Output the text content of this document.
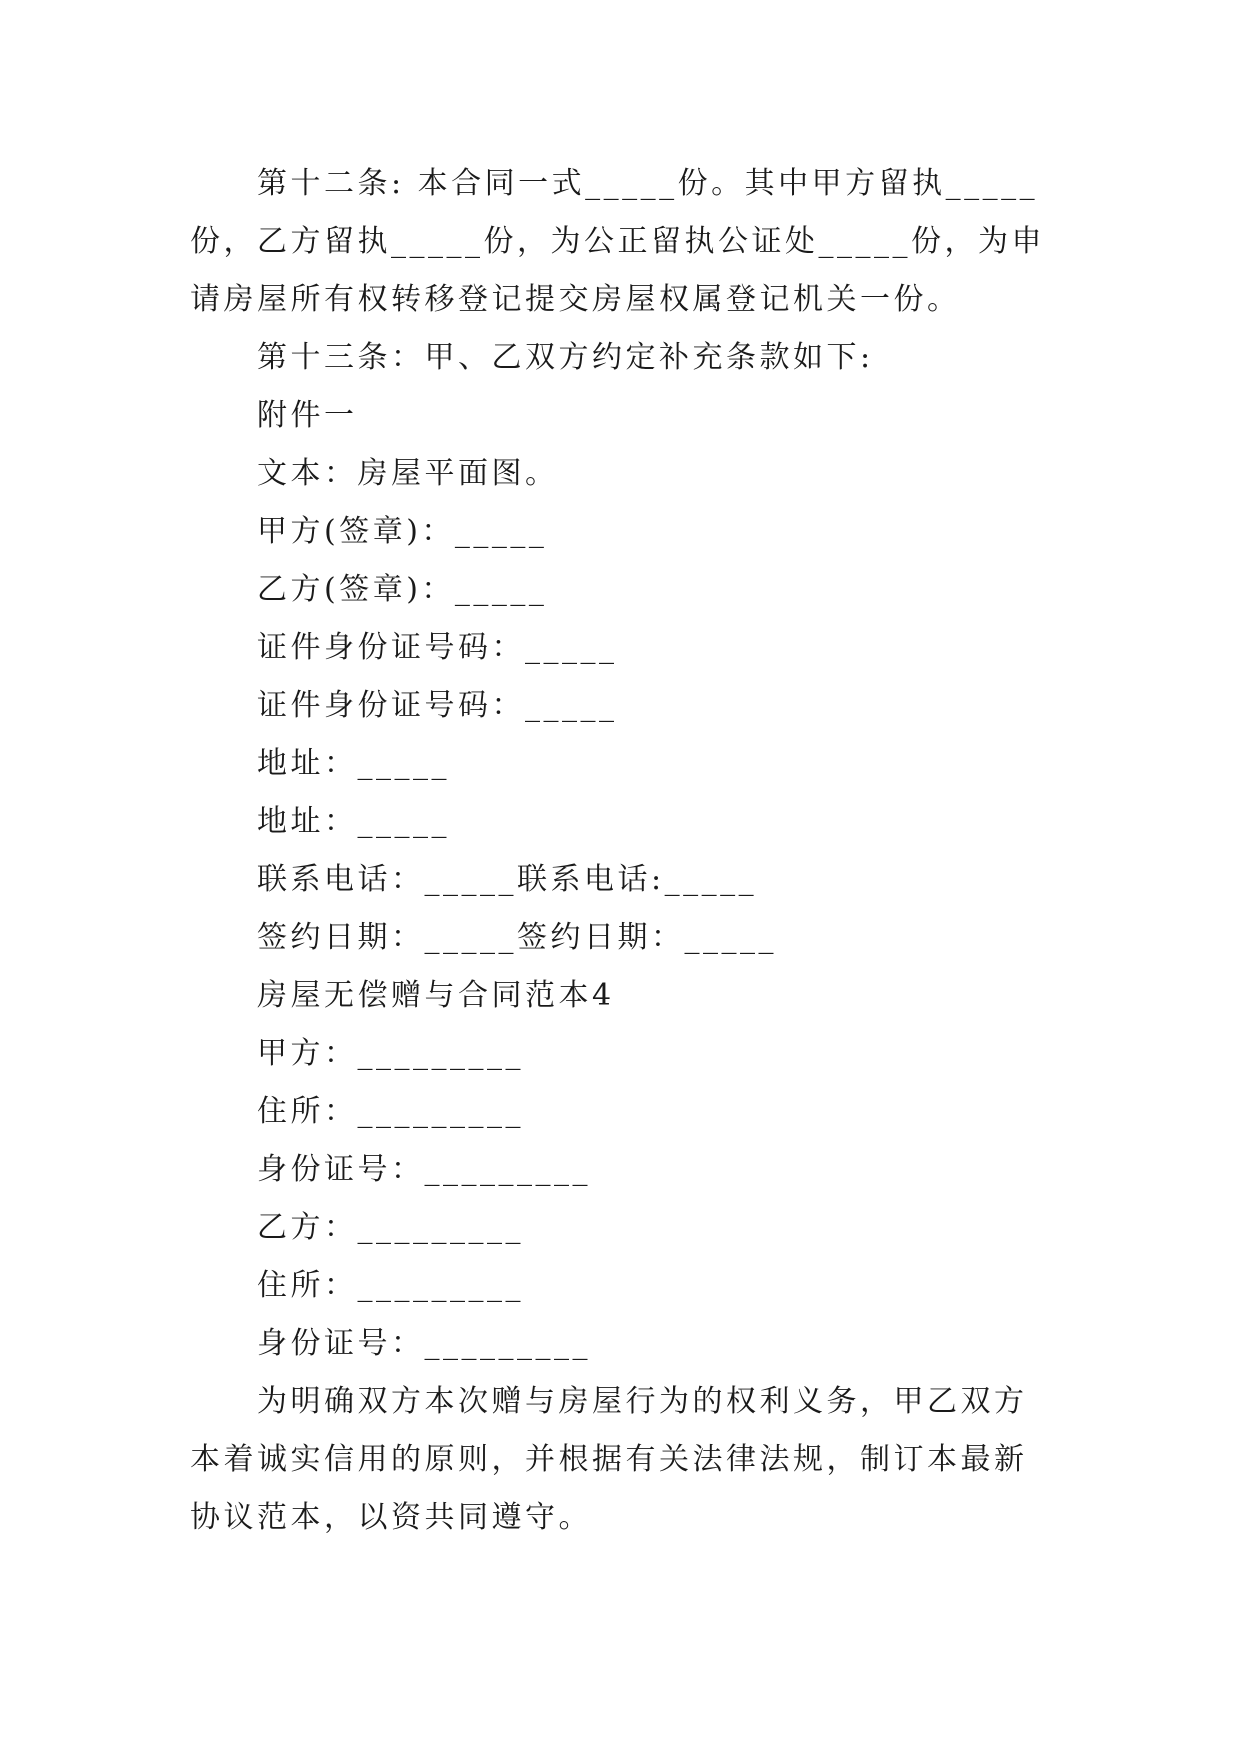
第十二条: 本合同一式_____份。其中甲方留执_____份，乙方留执_____份，为公正留执公证处_____份，为申请房屋所有权转移登记提交房屋权属登记机关一份。

第十三条：甲、乙双方约定补充条款如下:

附件一

文本：房屋平面图。

甲方(签章)：_____

乙方(签章)：_____

证件身份证号码：_____

证件身份证号码：_____

地址：_____

地址：_____

联系电话：_____联系电话:_____

签约日期：_____签约日期：_____

房屋无偿赠与合同范本4

甲方：_________

住所：_________

身份证号：_________

乙方：_________

住所：_________

身份证号：_________

为明确双方本次赠与房屋行为的权利义务，甲乙双方本着诚实信用的原则，并根据有关法律法规，制订本最新协议范本，以资共同遵守。
